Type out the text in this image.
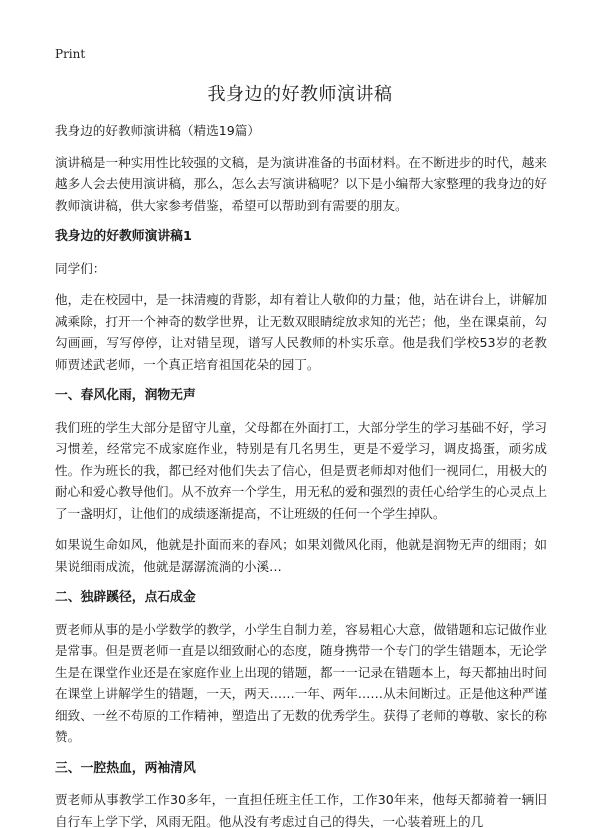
Print
我身边的好教师演讲稿

我身边的好教师演讲稿（精选19篇）

演讲稿是一种实用性比较强的文稿，是为演讲准备的书面材料。在不断进步的时代，越来越多人会去使用演讲稿，那么，怎么去写演讲稿呢？以下是小编帮大家整理的我身边的好教师演讲稿，供大家参考借鉴，希望可以帮助到有需要的朋友。

我身边的好教师演讲稿1

同学们：

他，走在校园中，是一抹清瘦的背影，却有着让人敬仰的力量；他，站在讲台上，讲解加减乘除，打开一个神奇的数学世界，让无数双眼睛绽放求知的光芒；他，坐在课桌前，勾勾画画，写写停停，让对错呈现，谱写人民教师的朴实乐章。他是我们学校53岁的老教师贾述武老师，一个真正培育祖国花朵的园丁。

一、春风化雨，润物无声

我们班的学生大部分是留守儿童，父母都在外面打工，大部分学生的学习基础不好，学习习惯差，经常完不成家庭作业，特别是有几名男生，更是不爱学习，调皮捣蛋，顽劣成性。作为班长的我，都已经对他们失去了信心，但是贾老师却对他们一视同仁，用极大的耐心和爱心教导他们。从不放弃一个学生，用无私的爱和强烈的责任心给学生的心灵点上了一盏明灯，让他们的成绩逐渐提高，不让班级的任何一个学生掉队。

如果说生命如风，他就是扑面而来的春风；如果刘微风化雨，他就是润物无声的细雨；如果说细雨成流，他就是潺潺流淌的小溪…

二、独辟蹊径，点石成金

贾老师从事的是小学数学的教学，小学生自制力差，容易粗心大意，做错题和忘记做作业是常事。但是贾老师一直是以细致耐心的态度，随身携带一个专门的学生错题本，无论学生是在课堂作业还是在家庭作业上出现的错题，都一一记录在错题本上，每天都抽出时间在课堂上讲解学生的错题，一天，两天……一年、两年……从未间断过。正是他这种严谨细致、一丝不苟原的工作精神，塑造出了无数的优秀学生。获得了老师的尊敬、家长的称赞。

三、一腔热血，两袖清风

贾老师从事教学工作30多年，一直担任班主任工作，工作30年来，他每天都骑着一辆旧自行车上学下学，风雨无阻。他从没有考虑过自己的得失，一心装着班上的几
